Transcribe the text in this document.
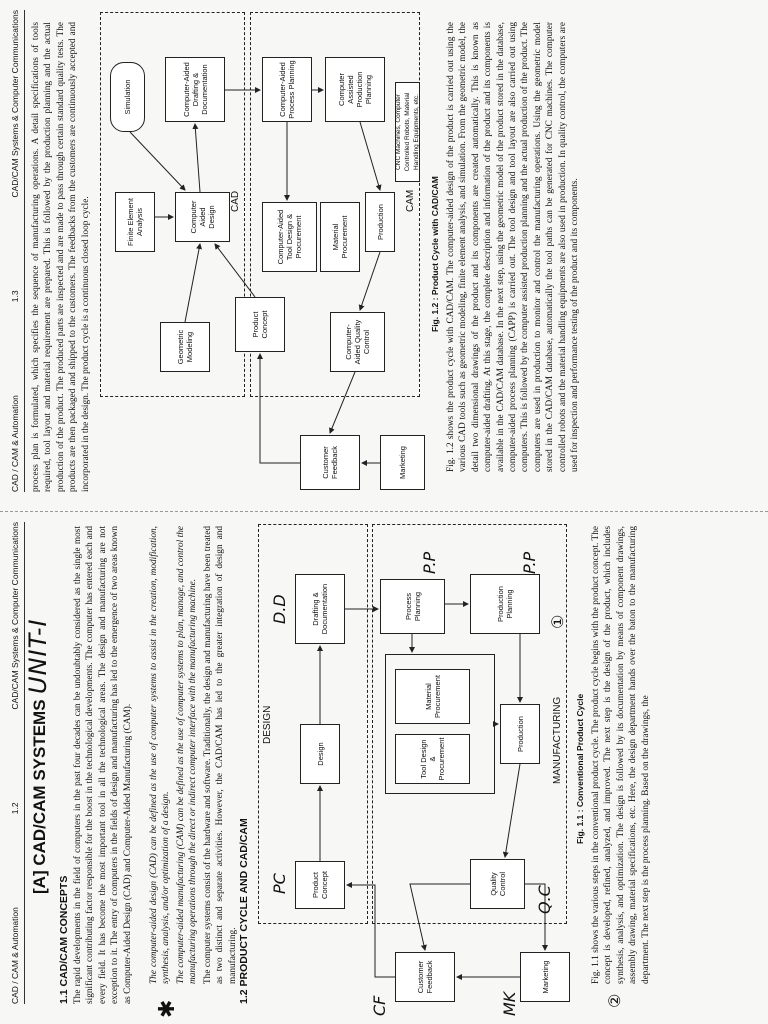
CAD / CAM & Automation
1.2
CAD/CAM Systems & Computer Communications
[A] CAD/CAM SYSTEMS
UNIT-I
1.1 CAD/CAM CONCEPTS The rapid developments in the field of computers in the past four decades can be undoubtably considered as the single most significant contributing factor responsible for the boost in the technological developments. The computer has entered each and every field. It has become the most important tool in all the technological areas. The design and manufacturing are not exception to it. The entry of computers in the fields of design and manufacturing has led to the emergence of two areas known as Computer-Aided Design (CAD) and Computer-Aided Manufacturing (CAM). The computer-aided design (CAD) can be defined as the use of computer systems to assist in the creation, modification, synthesis, analysis, and/or optimization of a design. The computer-aided manufacturing (CAM) can be defined as the use of computer systems to plan, manage, and control the manufacturing operations through the direct or indirect computer interface with the manufacturing machine. The computer systems consist of the hardware and software. Traditionally, the design and manufacturing have been treated as two distinct and separate activities. However, the CAD/CAM has led to the greater integration of design and manufacturing.
✱
1.2 PRODUCT CYCLE AND CAD/CAM
DESIGN	MANUFACTURING
Product Concept
Design
Drafting & Documentation
Tool Design & Procurement
Material Procurement
Process Planning
Quality Control
Production
Production Planning
Customer Feedback	Marketing
PC
D.D
P.P	P.P
Q.C
CF	MK
①
Fig. 1.1 : Conventional Product Cycle Fig. 1.1 shows the various steps in the conventional product cycle. The product cycle begins with the product concept. The concept is developed, refined, analyzed, and improved. The next step is the design of the product, which includes synthesis, analysis, and optimization. The design is followed by its documentation by means of component drawings, assembly drawing, material specifications, etc. Here, the design department hands over the baton to the manufacturing department. The next step is the process planning. Based on the drawings, the
②
CAD / CAM & Automation
1.3
CAD/CAM Systems & Computer Communications	process plan is formulated, which specifies the sequence of manufacturing operations. A detail specifications of tools required, tool layout and material requirement are prepared. This is followed by the production planning and the actual production of the product. The produced parts are inspected and are made to pass through certain standard quality tests. The products are then packaged and shipped to the customers. The feedbacks from the customers are continuously accepted and incorporated in the design. The product cycle is a continuous closed loop cycle.	CAD	CAM
Geometric Modeling
Finite Element Analysis
Simulation
Product Concept
Computer Aided Design
Computer-Aided Drafting & Documentation	Computer-Aided Process Planning
Computer-Aided Tool Design & Procurement	Material Procurement
Computer Assisted Production Planning
Customer Feedback	Marketing
Computer-Aided Quality Control
Production
CNC Machines, Computer Controlled Robots, Material Handling Equipments, etc.
Fig. 1.2 : Product Cycle with CAD/CAM Fig. 1.2 shows the product cycle with CAD/CAM. The computer-aided design of the product is carried out using the various CAD tools such as geometric modeling, finite element analysis, and simulation. From the geometric model, the detail two dimensional drawings of the product and its components are created automatically. This is known as computer-aided drafting. At this stage, the complete description and information of the product and its components is available in the CAD/CAM database. In the next step, using the geometric model of the product stored in the database, computer-aided process planning (CAPP) is carried out. The tool design and tool layout are also carried out using computers. This is followed by the computer assisted production planning and the actual production of the product. The computers are used in production to monitor and control the manufacturing operations. Using the geometric model stored in the CAD/CAM database, automatically the tool paths can be generated for CNC machines. The computer controlled robots and the material handling equipments are also used in production. In quality control, the computers are used for inspection and performance testing of the product and its components.
